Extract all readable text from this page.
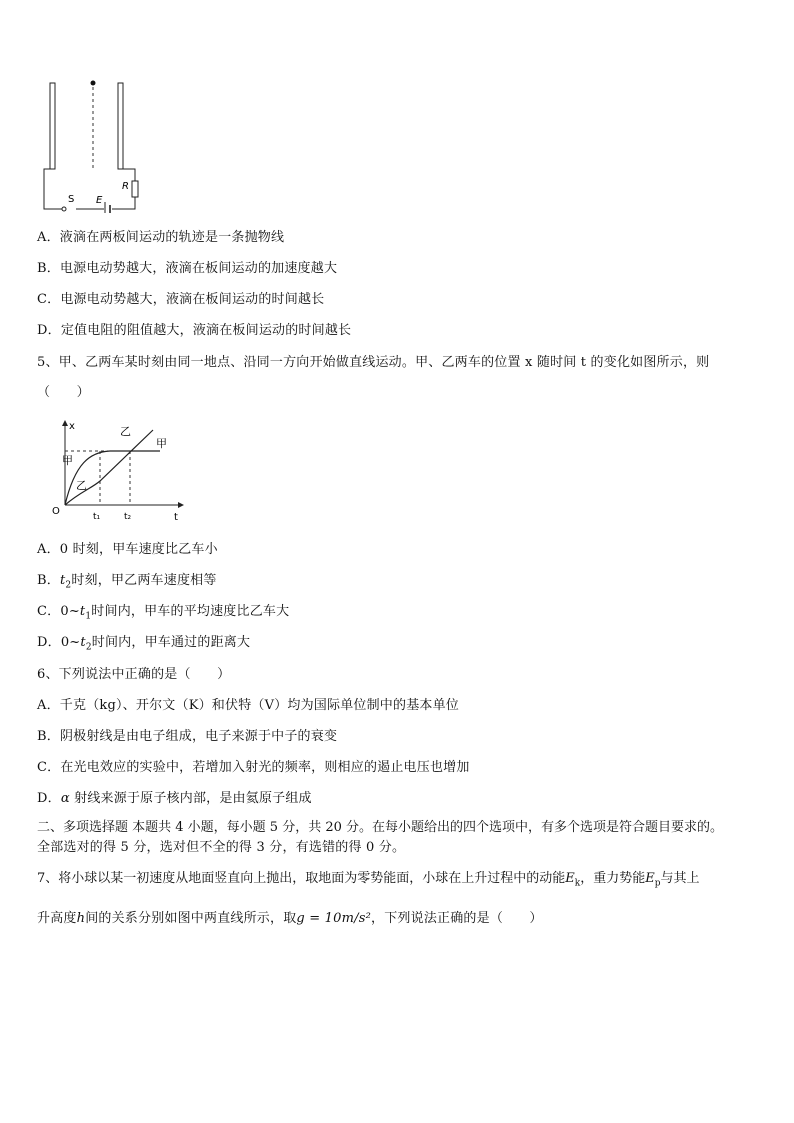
S E
R
A．液滴在两板间运动的轨迹是一条抛物线
B．电源电动势越大，液滴在板间运动的加速度越大
C．电源电动势越大，液滴在板间运动的时间越长
D．定值电阻的阻值越大，液滴在板间运动的时间越长
5、甲、乙两车某时刻由同一地点、沿同一方向开始做直线运动。甲、乙两车的位置 x 随时间 t 的变化如图所示，则
（　　）
x
t
O	t₁	t₂
甲
甲
乙
乙
A．0 时刻，甲车速度比乙车小
B．$t_2$时刻，甲乙两车速度相等
C．$0\sim t_1$时间内，甲车的平均速度比乙车大
D．$0\sim t_2$时间内，甲车通过的距离大
6、下列说法中正确的是（　　）
A．千克（kg）、开尔文（K）和伏特（V）均为国际单位制中的基本单位
B．阴极射线是由电子组成，电子来源于中子的衰变
C．在光电效应的实验中，若增加入射光的频率，则相应的遏止电压也增加
D．α 射线来源于原子核内部，是由氦原子组成
二、多项选择题 本题共 4 小题，每小题 5 分，共 20 分。在每小题给出的四个选项中，有多个选项是符合题目要求的。
全部选对的得 5 分，选对但不全的得 3 分，有选错的得 0 分。
7、将小球以某一初速度从地面竖直向上抛出，取地面为零势能面，小球在上升过程中的动能$E_k$，重力势能$E_p$与其上
升高度h间的关系分别如图中两直线所示，取g = 10m/s²，下列说法正确的是（　　）
